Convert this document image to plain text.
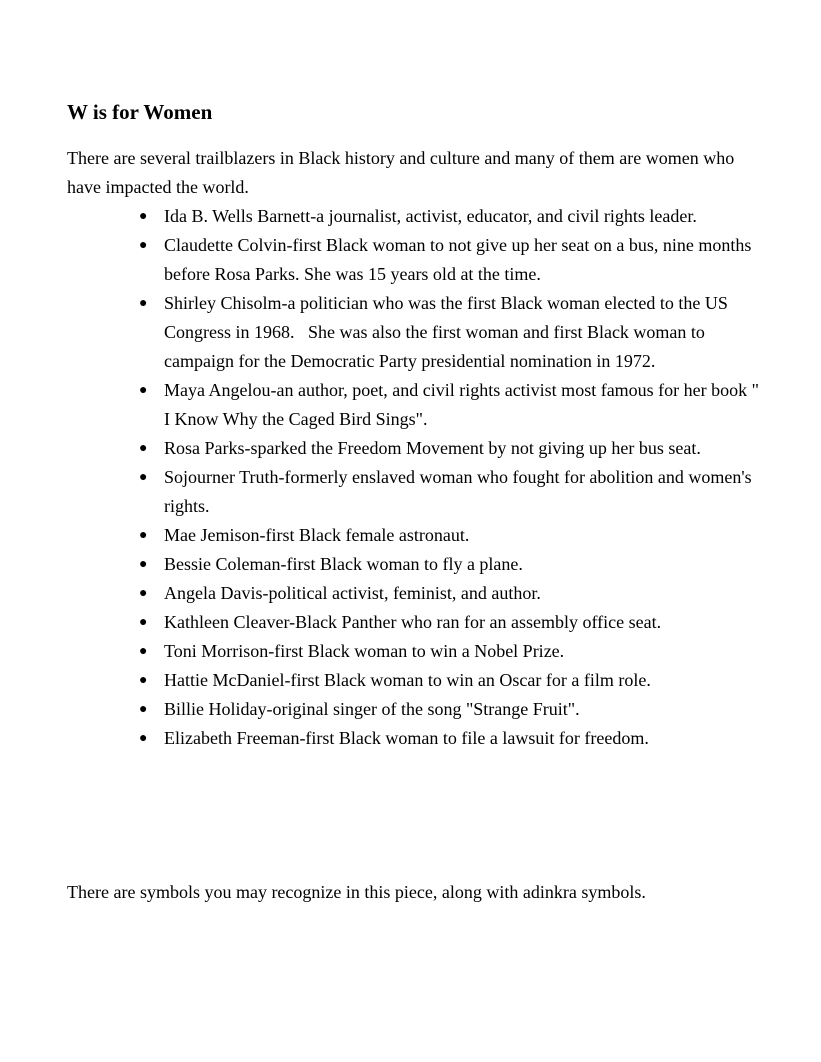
W is for Women

There are several trailblazers in Black history and culture and many of them are women who have impacted the world.

● Ida B. Wells Barnett-a journalist, activist, educator, and civil rights leader.
● Claudette Colvin-first Black woman to not give up her seat on a bus, nine months before Rosa Parks. She was 15 years old at the time.
● Shirley Chisolm-a politician who was the first Black woman elected to the US Congress in 1968.   She was also the first woman and first Black woman to campaign for the Democratic Party presidential nomination in 1972.
● Maya Angelou-an author, poet, and civil rights activist most famous for her book " I Know Why the Caged Bird Sings".
● Rosa Parks-sparked the Freedom Movement by not giving up her bus seat.
● Sojourner Truth-formerly enslaved woman who fought for abolition and women's rights.
● Mae Jemison-first Black female astronaut.
● Bessie Coleman-first Black woman to fly a plane.
● Angela Davis-political activist, feminist, and author.
● Kathleen Cleaver-Black Panther who ran for an assembly office seat.
● Toni Morrison-first Black woman to win a Nobel Prize.
● Hattie McDaniel-first Black woman to win an Oscar for a film role.
● Billie Holiday-original singer of the song "Strange Fruit".
● Elizabeth Freeman-first Black woman to file a lawsuit for freedom.

There are symbols you may recognize in this piece, along with adinkra symbols.
